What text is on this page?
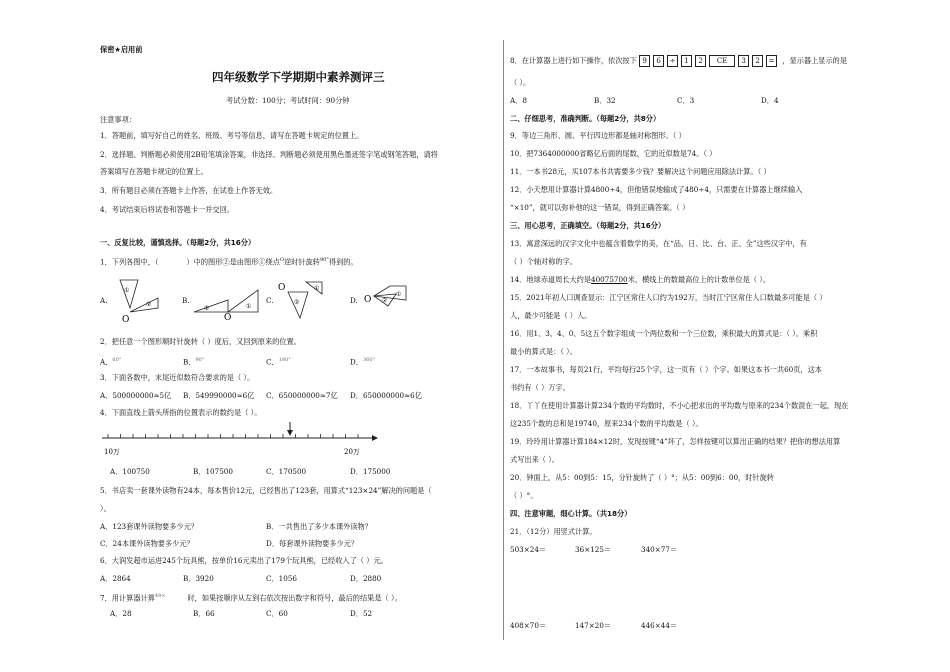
保密★启用前
四年级数学下学期期中素养测评三
考试分数：100分；考试时间：90分钟
注意事项：
1．答题前，填写好自己的姓名、班级、考号等信息，请写在答题卡规定的位置上。
2．选择题、判断题必须使用2B铅笔填涂答案，非选择、判断题必须使用黑色墨迹签字笔或钢笔答题，请将
答案填写在答题卡规定的位置上。
3．所有题目必须在答题卡上作答，在试卷上作答无效。
4．考试结束后将试卷和答题卡一并交回。
一、反复比较，谨慎选择。（每题2分，共16分）
1．下列各图中，（	）中的图形②是由图形①绕点$^O$逆时针旋转$^{90^\circ}$得到的。
A.
①
②
O
B.
②	①
O
C.	②
①
O
D.
①
②
O
2．把任意一个图形顺时针旋转（ ）度后，又回到原来的位置。
A．$^{60^\circ}$	B．$^{90^\circ}$	C．$^{180^\circ}$	D．$^{360^\circ}$
3．下面各数中，末尾近似数符合要求的是（ ）。
A．500000000≈5亿 B．549990000≈6亿 C．650000000≈7亿 D．650000000≈6亿
4．下面直线上箭头所指的位置表示的数约是（ ）。
10万	20万
A．100750	B．107500	C．170500	D．175000
5．书店卖一套课外读物有24本，每本售价12元，已经售出了123套，用算式“123×24”解决的问题是（
）。
A．123套课外读物要多少元？	B．一共售出了多少本课外读物？
C．24本课外读物要多少元？	D．每套课外读物要多少元？
6．大润发超市运进245个玩具熊，按单价16元卖出了179个玩具熊，已经收入了（ ）元。
A．2864	B．3920	C．1056	D．2880
7．用计算器计算$^{48\times}$	时，如果按顺序从左到右依次按出数字和符号，最后的结果是（ ）。
A．28	B．66	C．60	D．52
8．在计算器上进行如下操作，依次按下 9 6 ÷ 1 2 CE 3 2 = ，显示器上显示的是
（ ）。
A．8	B．32	C．3	D．4
二、仔细思考，准确判断。（每题2分，共8分）
9．等边三角形、圆、平行四边形都是轴对称图形。（ ）
10．把7364000000省略亿后面的尾数，它的近似数是74。（ ）
11．一本书28元，买107本书共需要多少钱？要解决这个问题应用除法计算。（ ）
12．小天想用计算器计算4800÷4，但他错误地输成了480÷4，只需要在计算器上继续输入
“×10”，就可以弥补他的这一错误，得到正确答案。（ ）
三、用心思考，正确填空。（每题2分，共16分）
13．寓意深远的汉字文化中也蕴含着数学的美，在“品、日、比、台、正、全”这些汉字中，有
（ ）个轴对称的字。
14．地球赤道周长大约是40075700米，横线上的数最高位上的计数单位是（ ）。
15．2021年初人口调查显示：江宁区常住人口约为192万，当时江宁区常住人口数最多可能是（ ）
人，最少可能是（ ）人。
16．用1、3、4、0、5这五个数字组成一个两位数和一个三位数，乘积最大的算式是：（ ）。乘积
最小的算式是：（ ）。
17．一本故事书，每页21行，平均每行25个字，这一页有（ ）个字。如果这本书一共60页，这本
书约有（ ）万字。
18．丫丫在使用计算器计算234个数的平均数时，不小心把求出的平均数与原来的234个数混在一起，现在
这235个数的总和是19740，原来234个数的平均数是（ ）。
19．玲玲用计算器计算184×12时，发现按键“4”坏了，怎样按键可以算出正确的结果？把你的想法用算
式写出来（ ）。
20．钟面上，从5：00到5：15，分针旋转了（ ）°；从5：00到6：00，时针旋转
（ ）°。
四、注意审题，细心计算。（共18分）
21．（12分）用竖式计算。
503×24＝	36×125＝	340×77＝
408×70＝	147×20＝	446×44＝
